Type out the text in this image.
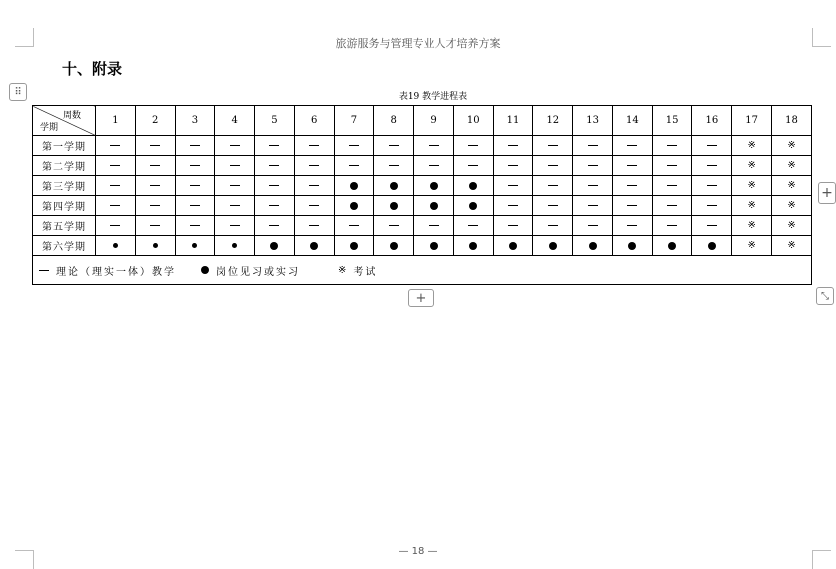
旅游服务与管理专业人才培养方案
十、附录
表19 教学进程表
⠿
+
+	⤡
周数
学期	1	2	3	4	5	6	7	8	9	10	11	12	13	14	15	16	17	18
第一学期																	※	※
第二学期																	※	※
第三学期																	※	※
第四学期																	※	※
第五学期																	※	※
第六学期																	※	※

理论（理实一体）教学 岗位见习或实习 ※ 考试																		
— 18 —
